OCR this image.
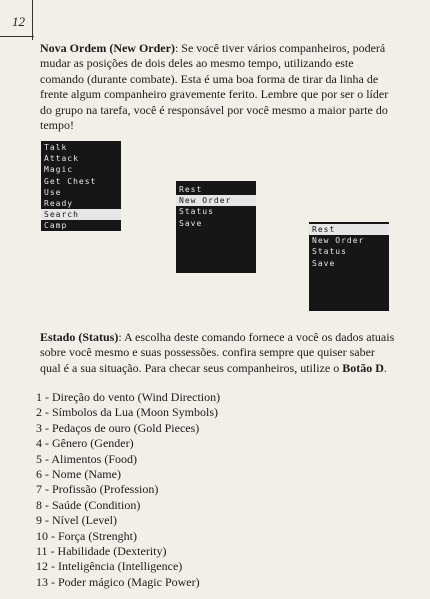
12

Nova Ordem (New Order): Se você tiver vários companheiros, poderá mudar as posições de dois deles ao mesmo tempo, utilizando este comando (durante combate). Esta é uma boa forma de tirar da linha de frente algum companheiro gravemente ferito. Lembre que por ser o líder do grupo na tarefa, você é responsável por você mesmo a maior parte do tempo!

Talk
Attack
Magic
Get Chest
Use
Ready
Search
Camp
Rest
New Order
Status
Save
Rest
New Order
Status
Save

Estado (Status): A escolha deste comando fornece a você os dados atuais sobre você mesmo e suas possessões. confira sempre que quiser saber qual é a sua situação. Para checar seus companheiros, utilize o Botão D.

1 - Direção do vento (Wind Direction)
2 - Símbolos da Lua (Moon Symbols)
3 - Pedaços de ouro (Gold Pieces)
4 - Gênero (Gender)
5 - Alimentos (Food)
6 - Nome (Name)
7 - Profissão (Profession)
8 - Saúde (Condition)
9 - Nível (Level)
10 - Força (Strenght)
11 - Habilidade (Dexterity)
12 - Inteligência (Intelligence)
13 - Poder mágico (Magic Power)
